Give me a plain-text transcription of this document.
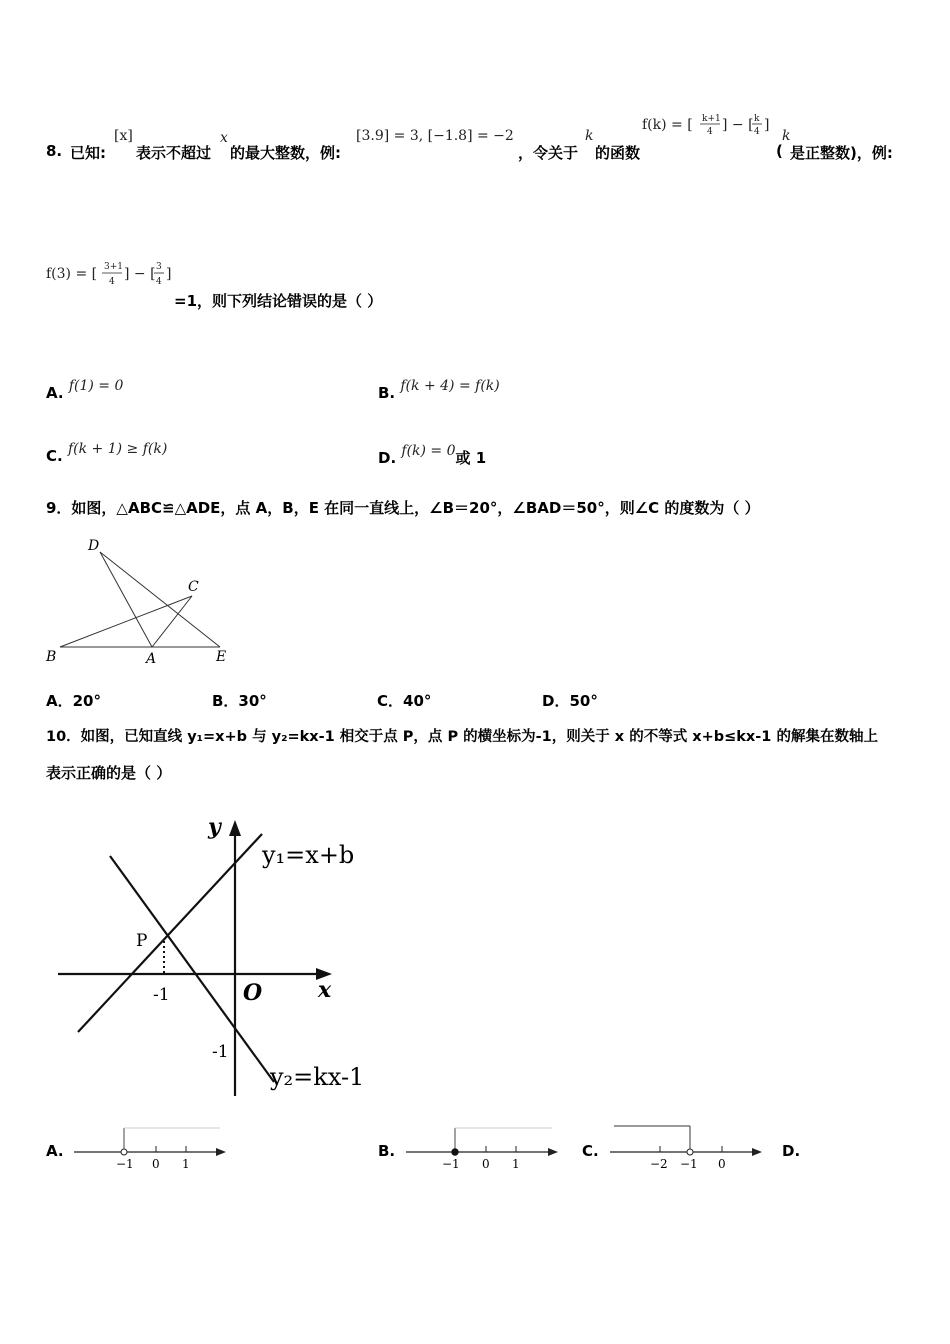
8. 已知:
[x]
表示不超过
x
的最大整数，例:
[3.9] = 3, [−1.8] = −2
，令关于
k
的函数
f(k) = [ k+1
4 ] − [ k
4 ]
k
( 是正整数)，例:
f(3) = [ 3+1
4 ] − [ 3
4 ]
=1，则下列结论错误的是（ ）
A. f(1) = 0	B. f(k + 4) = f(k)
C. f(k + 1) ≥ f(k)	D. f(k) = 0或 1
9．如图，△ABC≌△ADE，点 A，B，E 在同一直线上，∠B＝20°，∠BAD＝50°，则∠C 的度数为（ ）
D
C
B	A	E
A．20°	B．30°	C．40°	D．50°
10．如图，已知直线 y₁=x+b 与 y₂=kx-1 相交于点 P，点 P 的横坐标为-1，则关于 x 的不等式 x+b≤kx-1 的解集在数轴上
表示正确的是（ ）
y
x
O
P
-1
-1
y₁=x+b
y₂=kx-1
A.
−1 0 1
B.
−1 0 1
C.
−2 −1 0
D.
